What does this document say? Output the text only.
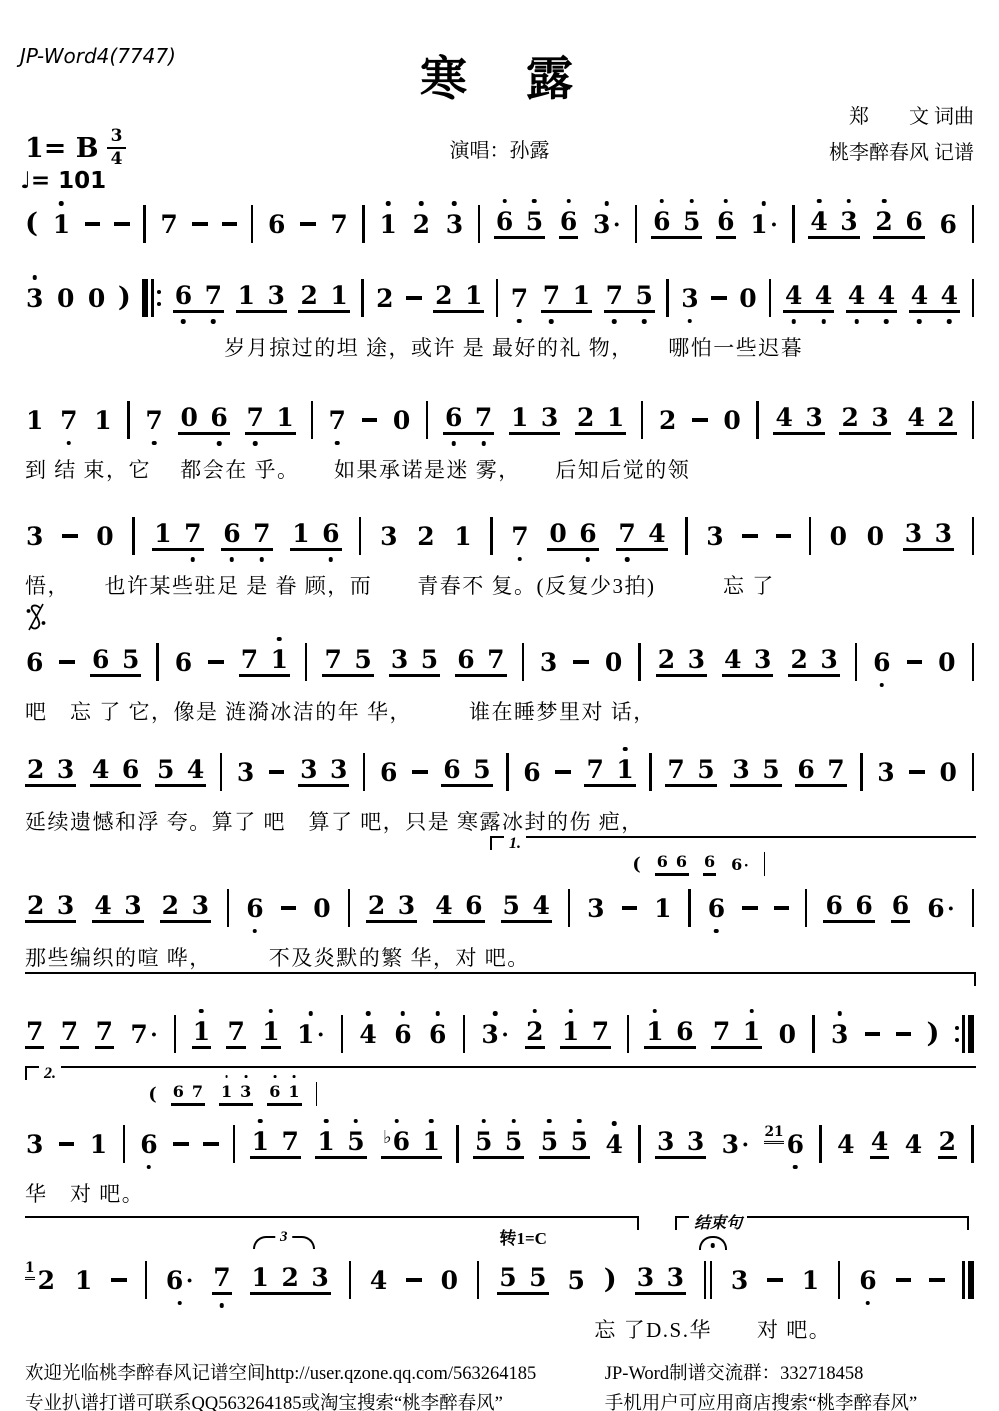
JP-Word4(7747)	寒　露
郑　　文 词曲
演唱：孙露	桃李醉春风 记谱
1= B $\frac{3}{4}$
♩= 101
( 1	7	6 7 1 2 3 6 5 6 3 · 6 5 6 1 · 4 3 2 6 6
3 0 0 ) 6 7 1 3 2 1 2 2 1 7 7 1 7 5 3 0 4 4 4 4 4 4
岁月掠过的坦 途，或许 是 最好的礼 物，　　哪怕一些迟暮
1 7 1 7 0 6 7 1 7 0 6 7 1 3 2 1 2 0 4 3 2 3 4 2
到 结 束，它　 都会在 乎。　　如果承诺是迷 雾，　　后知后觉的领
3 0 1 7 6 7 1 6 3 2 1 7 0 6 7 4 3	0 0 3 3
悟，　　也许某些驻足 是 眷 顾，而　　青春不 复。(反复少3拍)　　　忘 了
6 6 5 6 7 1 7 5 3 5 6 7 3 0 2 3 4 3 2 3 6 0
吧　忘 了 它，像是 涟漪冰洁的年 华，　　　谁在睡梦里对 话，
2 3 4 6 5 4 3 3 3 6 6 5 6 7 1 7 5 3 5 6 7 3 0
延续遗憾和浮 夸。算了 吧　算了 吧，只是 寒露冰封的伤 疤，
1.
( 6 6 6 6 ·
2 3 4 3 2 3 6 0 2 3 4 6 5 4 3 1 6	6 6 6 6 ·
那些编织的喧 哗，　　　不及炎默的繁 华，对 吧。
7 7 7 7 · 1 7 1 1 · 4 6 6 3 · 2 1 7 1 6 7 1 0 3	)
2.
( 6 7 1 3 6 1
3 1 6	1 7 1 5 ♭ 6 1 5 5 5 5 4 3 3 3 ·
21 6 4 4 4 2
华　对 吧。
结束句
转1=C
3
1 2 1	6 · 7 1 2 3 4 0 5 5 5 ) 3 3 3 1 6
忘 了D.S.华　　对 吧。
欢迎光临桃李醉春风记谱空间http://user.qzone.qq.com/563264185
专业扒谱打谱可联系QQ563264185或淘宝搜索“桃李醉春风”
JP-Word制谱交流群：332718458
手机用户可应用商店搜索“桃李醉春风”
